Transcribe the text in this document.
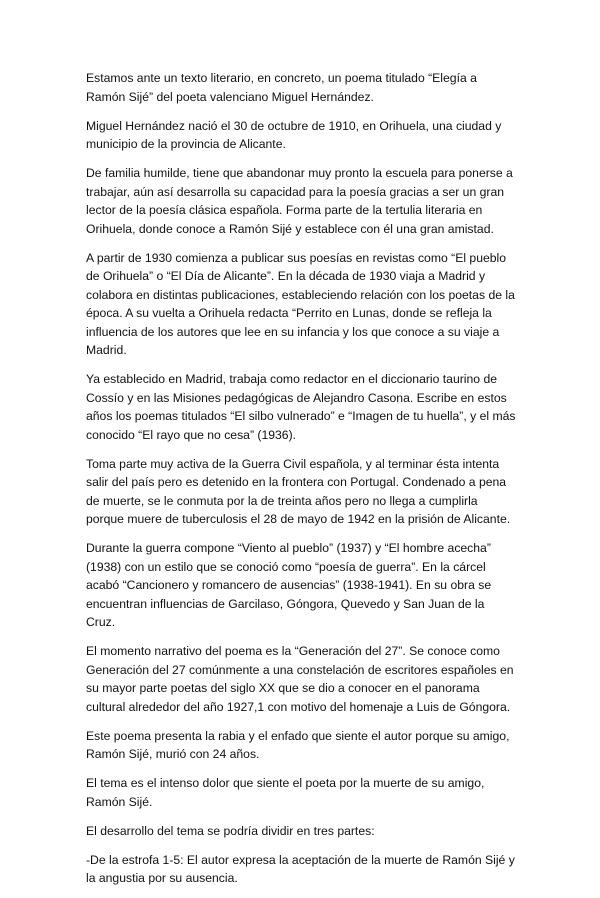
Estamos ante un texto literario, en concreto, un poema titulado “Elegía a Ramón Sijé” del poeta valenciano Miguel Hernández.

Miguel Hernández nació el 30 de octubre de 1910, en Orihuela, una ciudad y municipio de la provincia de Alicante.

De familia humilde, tiene que abandonar muy pronto la escuela para ponerse a trabajar, aún así desarrolla su capacidad para la poesía gracias a ser un gran lector de la poesía clásica española. Forma parte de la tertulia literaria en Orihuela, donde conoce a Ramón Sijé y establece con él una gran amistad.

A partir de 1930 comienza a publicar sus poesías en revistas como “El pueblo de Orihuela” o “El Día de Alicante”. En la década de 1930 viaja a Madrid y colabora en distintas publicaciones, estableciendo relación con los poetas de la época. A su vuelta a Orihuela redacta “Perrito en Lunas, donde se refleja la influencia de los autores que lee en su infancia y los que conoce a su viaje a Madrid.

Ya establecido en Madrid, trabaja como redactor en el diccionario taurino de Cossío y en las Misiones pedagógicas de Alejandro Casona. Escribe en estos años los poemas titulados “El silbo vulnerado” e “Imagen de tu huella”, y el más conocido “El rayo que no cesa” (1936).

Toma parte muy activa de la Guerra Civil española, y al terminar ésta intenta salir del país pero es detenido en la frontera con Portugal. Condenado a pena de muerte, se le conmuta por la de treinta años pero no llega a cumplirla porque muere de tuberculosis el 28 de mayo de 1942 en la prisión de Alicante.

Durante la guerra compone “Viento al pueblo” (1937) y “El hombre acecha” (1938) con un estilo que se conoció como “poesía de guerra”. En la cárcel acabó “Cancionero y romancero de ausencias” (1938-1941). En su obra se encuentran influencias de Garcilaso, Góngora, Quevedo y San Juan de la Cruz.

El momento narrativo del poema es la “Generación del 27”. Se conoce como Generación del 27 comúnmente a una constelación de escritores españoles en su mayor parte poetas del siglo XX que se dio a conocer en el panorama cultural alrededor del año 1927,1 con motivo del homenaje a Luis de Góngora.

Este poema presenta la rabia y el enfado que siente el autor porque su amigo, Ramón Sijé, murió con 24 años.

El tema es el intenso dolor que siente el poeta por la muerte de su amigo, Ramón Sijé.

El desarrollo del tema se podría dividir en tres partes:

-De la estrofa 1-5: El autor expresa la aceptación de la muerte de Ramón Sijé y la angustia por su ausencia.
